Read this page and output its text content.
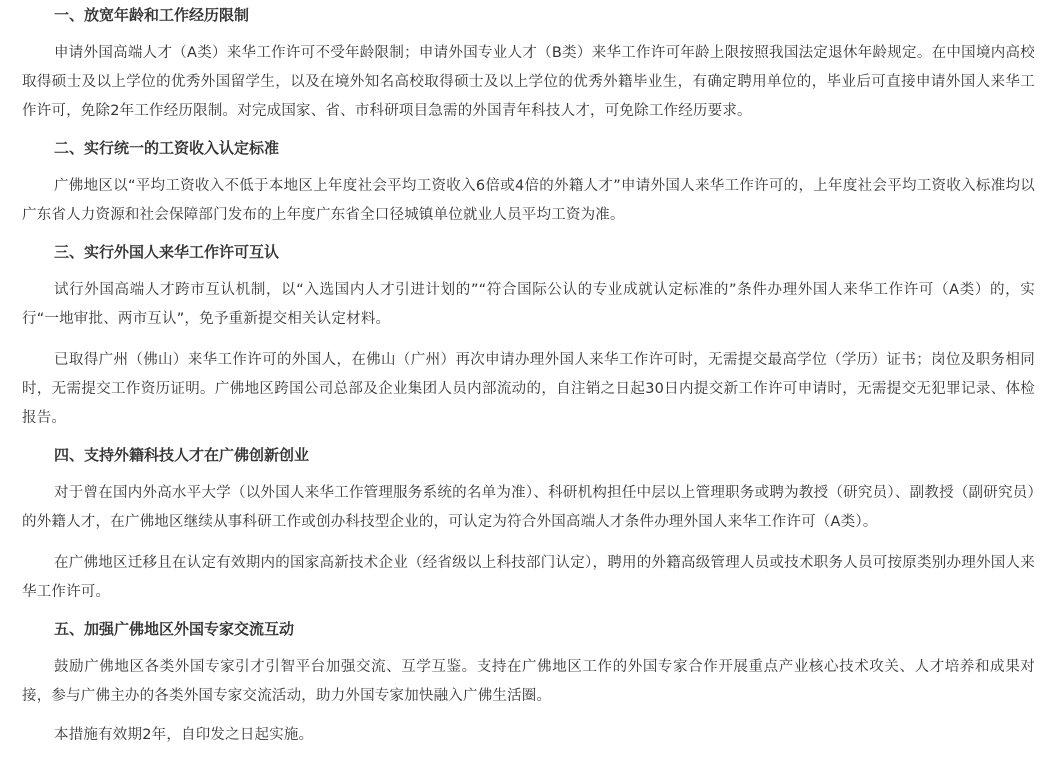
一、放宽年龄和工作经历限制

申请外国高端人才（A类）来华工作许可不受年龄限制；申请外国专业人才（B类）来华工作许可年龄上限按照我国法定退休年龄规定。在中国境内高校取得硕士及以上学位的优秀外国留学生，以及在境外知名高校取得硕士及以上学位的优秀外籍毕业生，有确定聘用单位的，毕业后可直接申请外国人来华工作许可，免除2年工作经历限制。对完成国家、省、市科研项目急需的外国青年科技人才，可免除工作经历要求。

二、实行统一的工资收入认定标准

广佛地区以“平均工资收入不低于本地区上年度社会平均工资收入6倍或4倍的外籍人才”申请外国人来华工作许可的，上年度社会平均工资收入标准均以广东省人力资源和社会保障部门发布的上年度广东省全口径城镇单位就业人员平均工资为准。

三、实行外国人来华工作许可互认

试行外国高端人才跨市互认机制，以“入选国内人才引进计划的”“符合国际公认的专业成就认定标准的”条件办理外国人来华工作许可（A类）的，实行“一地审批、两市互认”，免予重新提交相关认定材料。

已取得广州（佛山）来华工作许可的外国人，在佛山（广州）再次申请办理外国人来华工作许可时，无需提交最高学位（学历）证书；岗位及职务相同时，无需提交工作资历证明。广佛地区跨国公司总部及企业集团人员内部流动的，自注销之日起30日内提交新工作许可申请时，无需提交无犯罪记录、体检报告。

四、支持外籍科技人才在广佛创新创业

对于曾在国内外高水平大学（以外国人来华工作管理服务系统的名单为准）、科研机构担任中层以上管理职务或聘为教授（研究员）、副教授（副研究员）的外籍人才，在广佛地区继续从事科研工作或创办科技型企业的，可认定为符合外国高端人才条件办理外国人来华工作许可（A类）。

在广佛地区迁移且在认定有效期内的国家高新技术企业（经省级以上科技部门认定），聘用的外籍高级管理人员或技术职务人员可按原类别办理外国人来华工作许可。

五、加强广佛地区外国专家交流互动

鼓励广佛地区各类外国专家引才引智平台加强交流、互学互鉴。支持在广佛地区工作的外国专家合作开展重点产业核心技术攻关、人才培养和成果对接，参与广佛主办的各类外国专家交流活动，助力外国专家加快融入广佛生活圈。

本措施有效期2年，自印发之日起实施。
